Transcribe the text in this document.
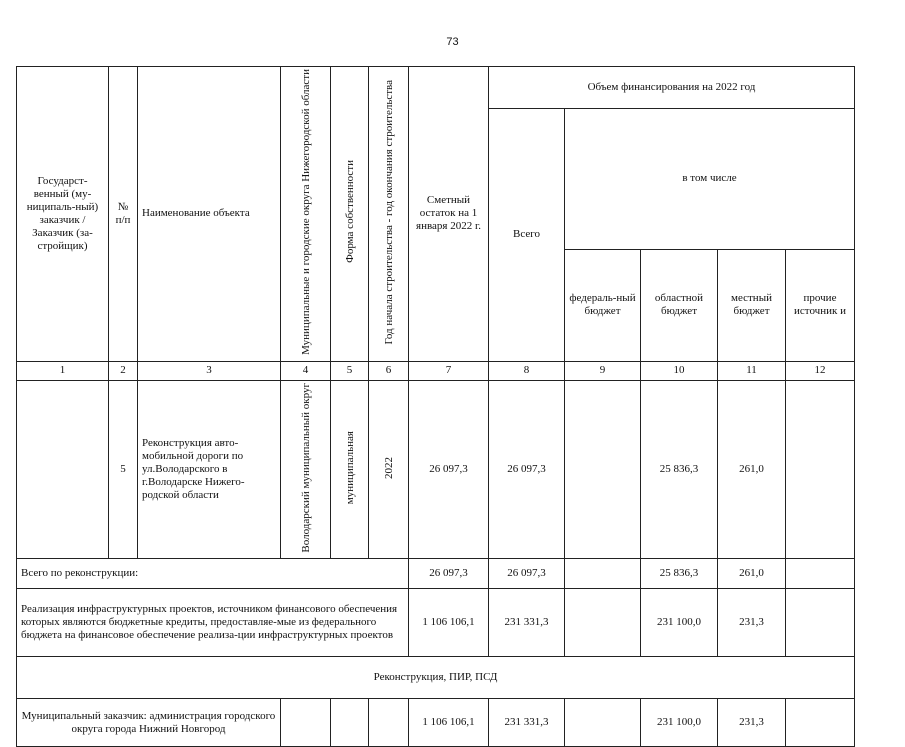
73
Государст-венный (му-ниципаль-ный) заказчик / Заказчик (за-стройщик)	№ п/п	Наименование объекта	Муниципальные и городские округа Нижегородской области	Форма собственности	Год начала строительства - год окончания строительства	Сметный остаток на 1 января 2022 г.	Объем финансирования на 2022 год				
							Всего	в том числе			
								федераль-ный бюджет	областной бюджет	местный бюджет	прочие источник и
1	2	3	4	5	6	7	8	9	10	11	12
	5	Реконструкция авто-мобильной дороги по ул.Володарского в г.Володарске Нижего-родской области	Володарский муниципальный округ	муниципальная	2022	26 097,3	26 097,3		25 836,3	261,0	
Всего по реконструкции:						26 097,3	26 097,3		25 836,3	261,0	
Реализация инфраструктурных проектов, источником финансового обеспечения которых являются бюджетные кредиты, предоставляе-мые из федерального бюджета на финансовое обеспечение реализа-ции инфраструктурных проектов						1 106 106,1	231 331,3		231 100,0	231,3	
Реконструкция, ПИР, ПСД											
Муниципальный заказчик: администрация городского округа города Нижний Новгород						1 106 106,1	231 331,3		231 100,0	231,3	
